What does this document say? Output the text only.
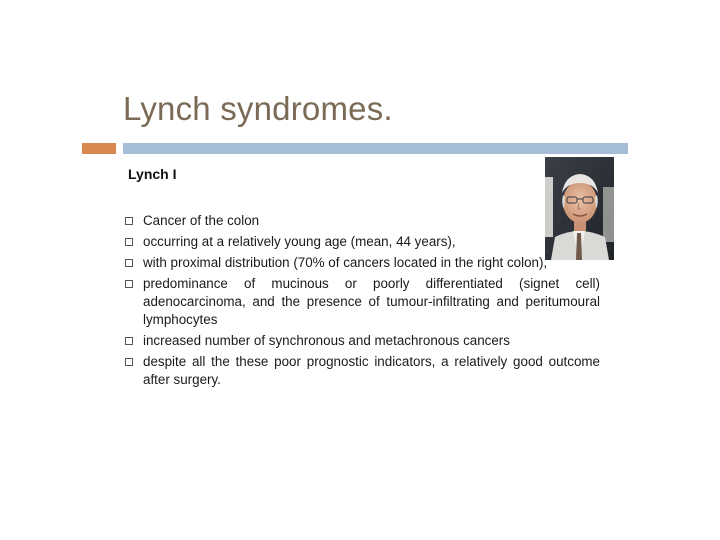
Lynch syndromes.
Lynch I
Cancer of the colon
occurring at a relatively young age (mean, 44 years),
with proximal distribution (70% of cancers located in the right colon),
predominance of mucinous or poorly differentiated (signet cell) adenocarcinoma, and the presence of tumour-infiltrating and peritumoural lymphocytes
increased number of synchronous and metachronous cancers
despite all the these poor prognostic indicators, a relatively good outcome after surgery.
